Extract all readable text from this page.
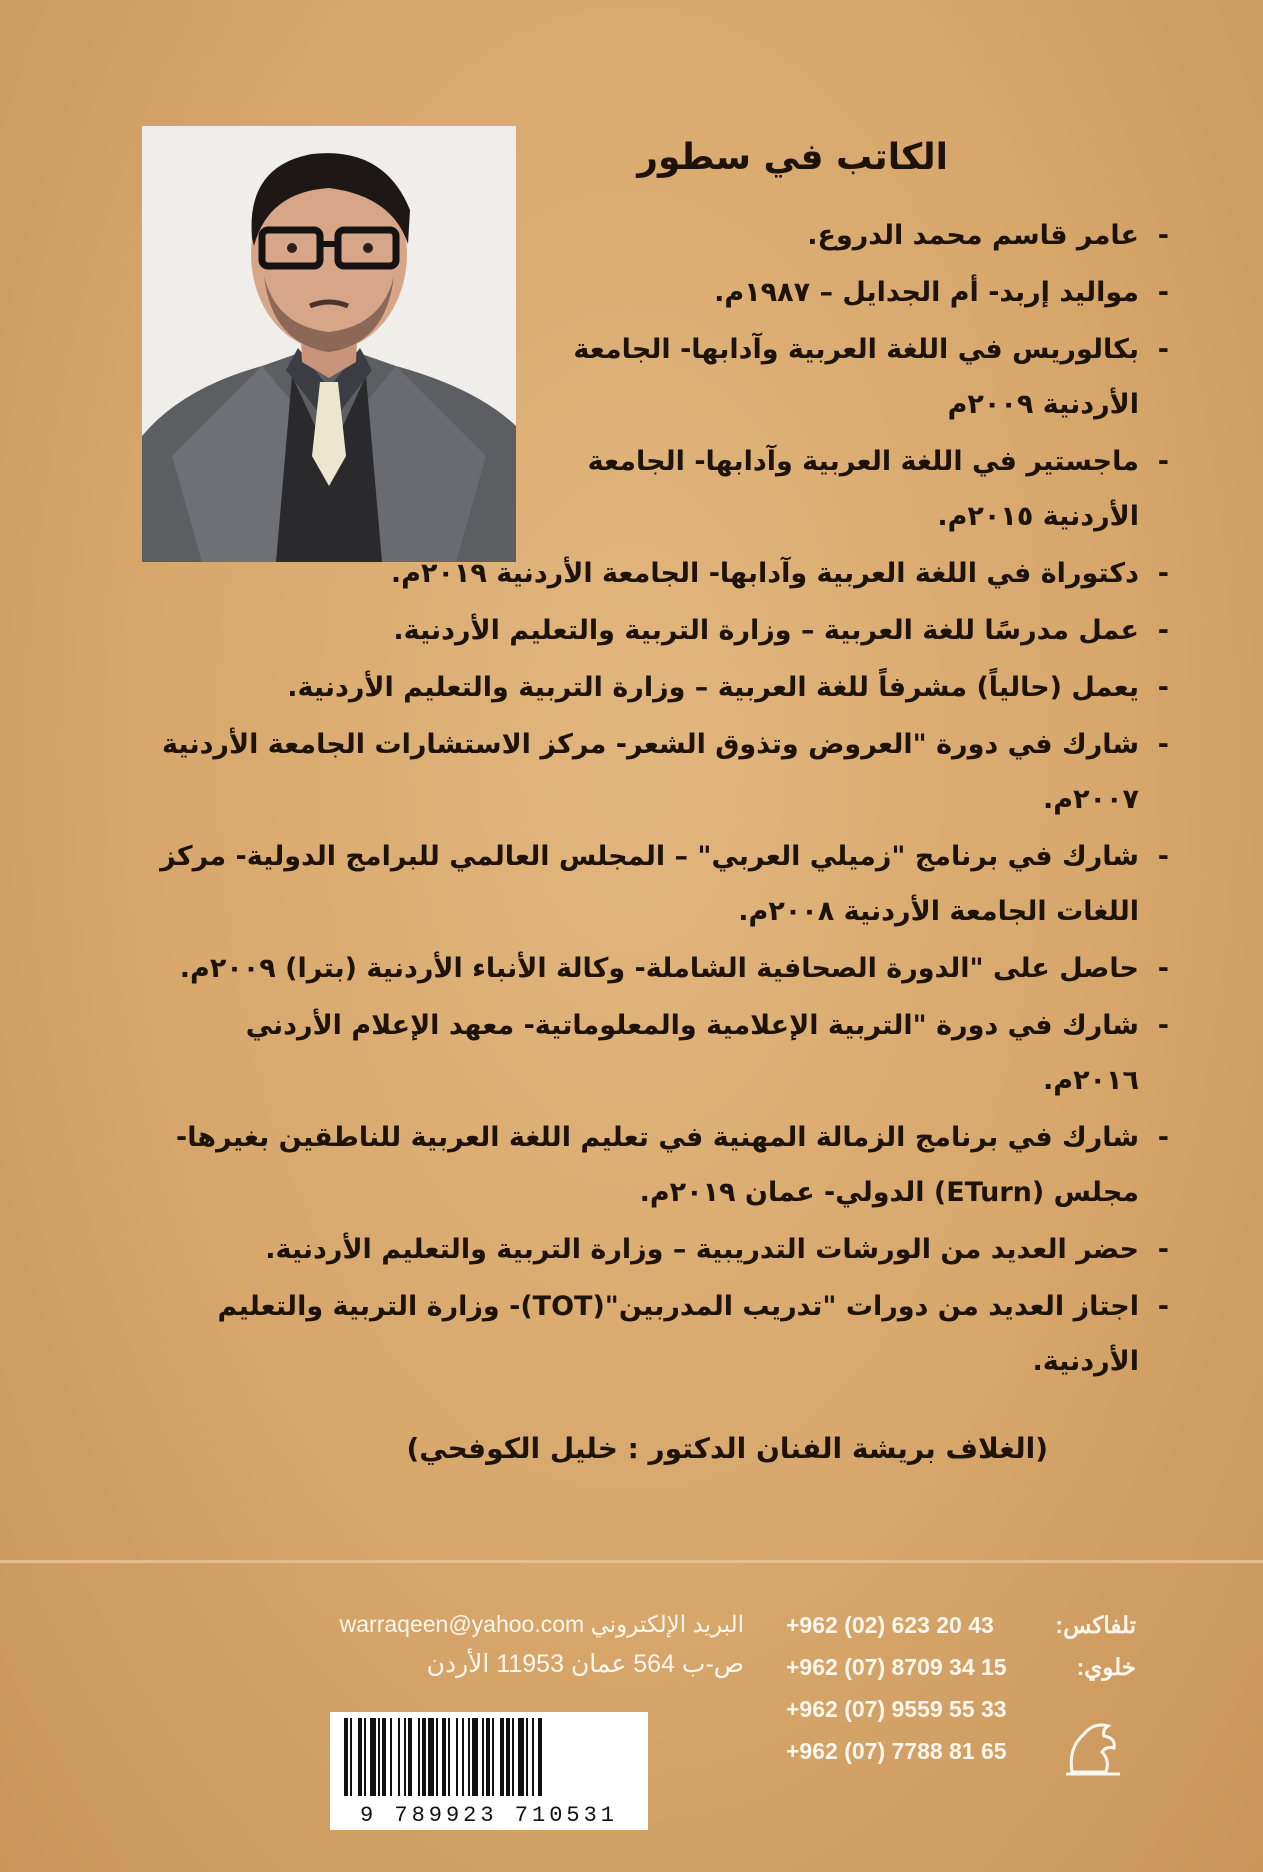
الكاتب في سطور
- عامر قاسم محمد الدروع.
- مواليد إربد- أم الجدايل – ١٩٨٧م.
- بكالوريس في اللغة العربية وآدابها- الجامعة الأردنية ٢٠٠٩م
- ماجستير في اللغة العربية وآدابها- الجامعة الأردنية ٢٠١٥م.
- دكتوراة في اللغة العربية وآدابها- الجامعة الأردنية ٢٠١٩م.
- عمل مدرسًا للغة العربية – وزارة التربية والتعليم الأردنية.
- يعمل (حالياً) مشرفاً للغة العربية – وزارة التربية والتعليم الأردنية.
- شارك في دورة "العروض وتذوق الشعر- مركز الاستشارات الجامعة الأردنية ٢٠٠٧م.
- شارك في برنامج "زميلي العربي" – المجلس العالمي للبرامج الدولية- مركز اللغات الجامعة الأردنية ٢٠٠٨م.
- حاصل على "الدورة الصحافية الشاملة- وكالة الأنباء الأردنية (بترا) ٢٠٠٩م.
- شارك في دورة "التربية الإعلامية والمعلوماتية- معهد الإعلام الأردني ٢٠١٦م.
- شارك في برنامج الزمالة المهنية في تعليم اللغة العربية للناطقين بغيرها- مجلس (ETurn) الدولي- عمان ٢٠١٩م.
- حضر العديد من الورشات التدريبية – وزارة التربية والتعليم الأردنية.
- اجتاز العديد من دورات "تدريب المدربين"(TOT)- وزارة التربية والتعليم الأردنية.
(الغلاف بريشة الفنان الدكتور : خليل الكوفحي)
البريد الإلكتروني warraqeen@yahoo.com
ص-ب 564 عمان 11953 الأردن
+962 (02) 623 20 43	تلفاكس:
+962 (07) 8709 34 15	خلوي:
+962 (07) 9559 55 33
+962 (07) 7788 81 65
9 789923 710531
